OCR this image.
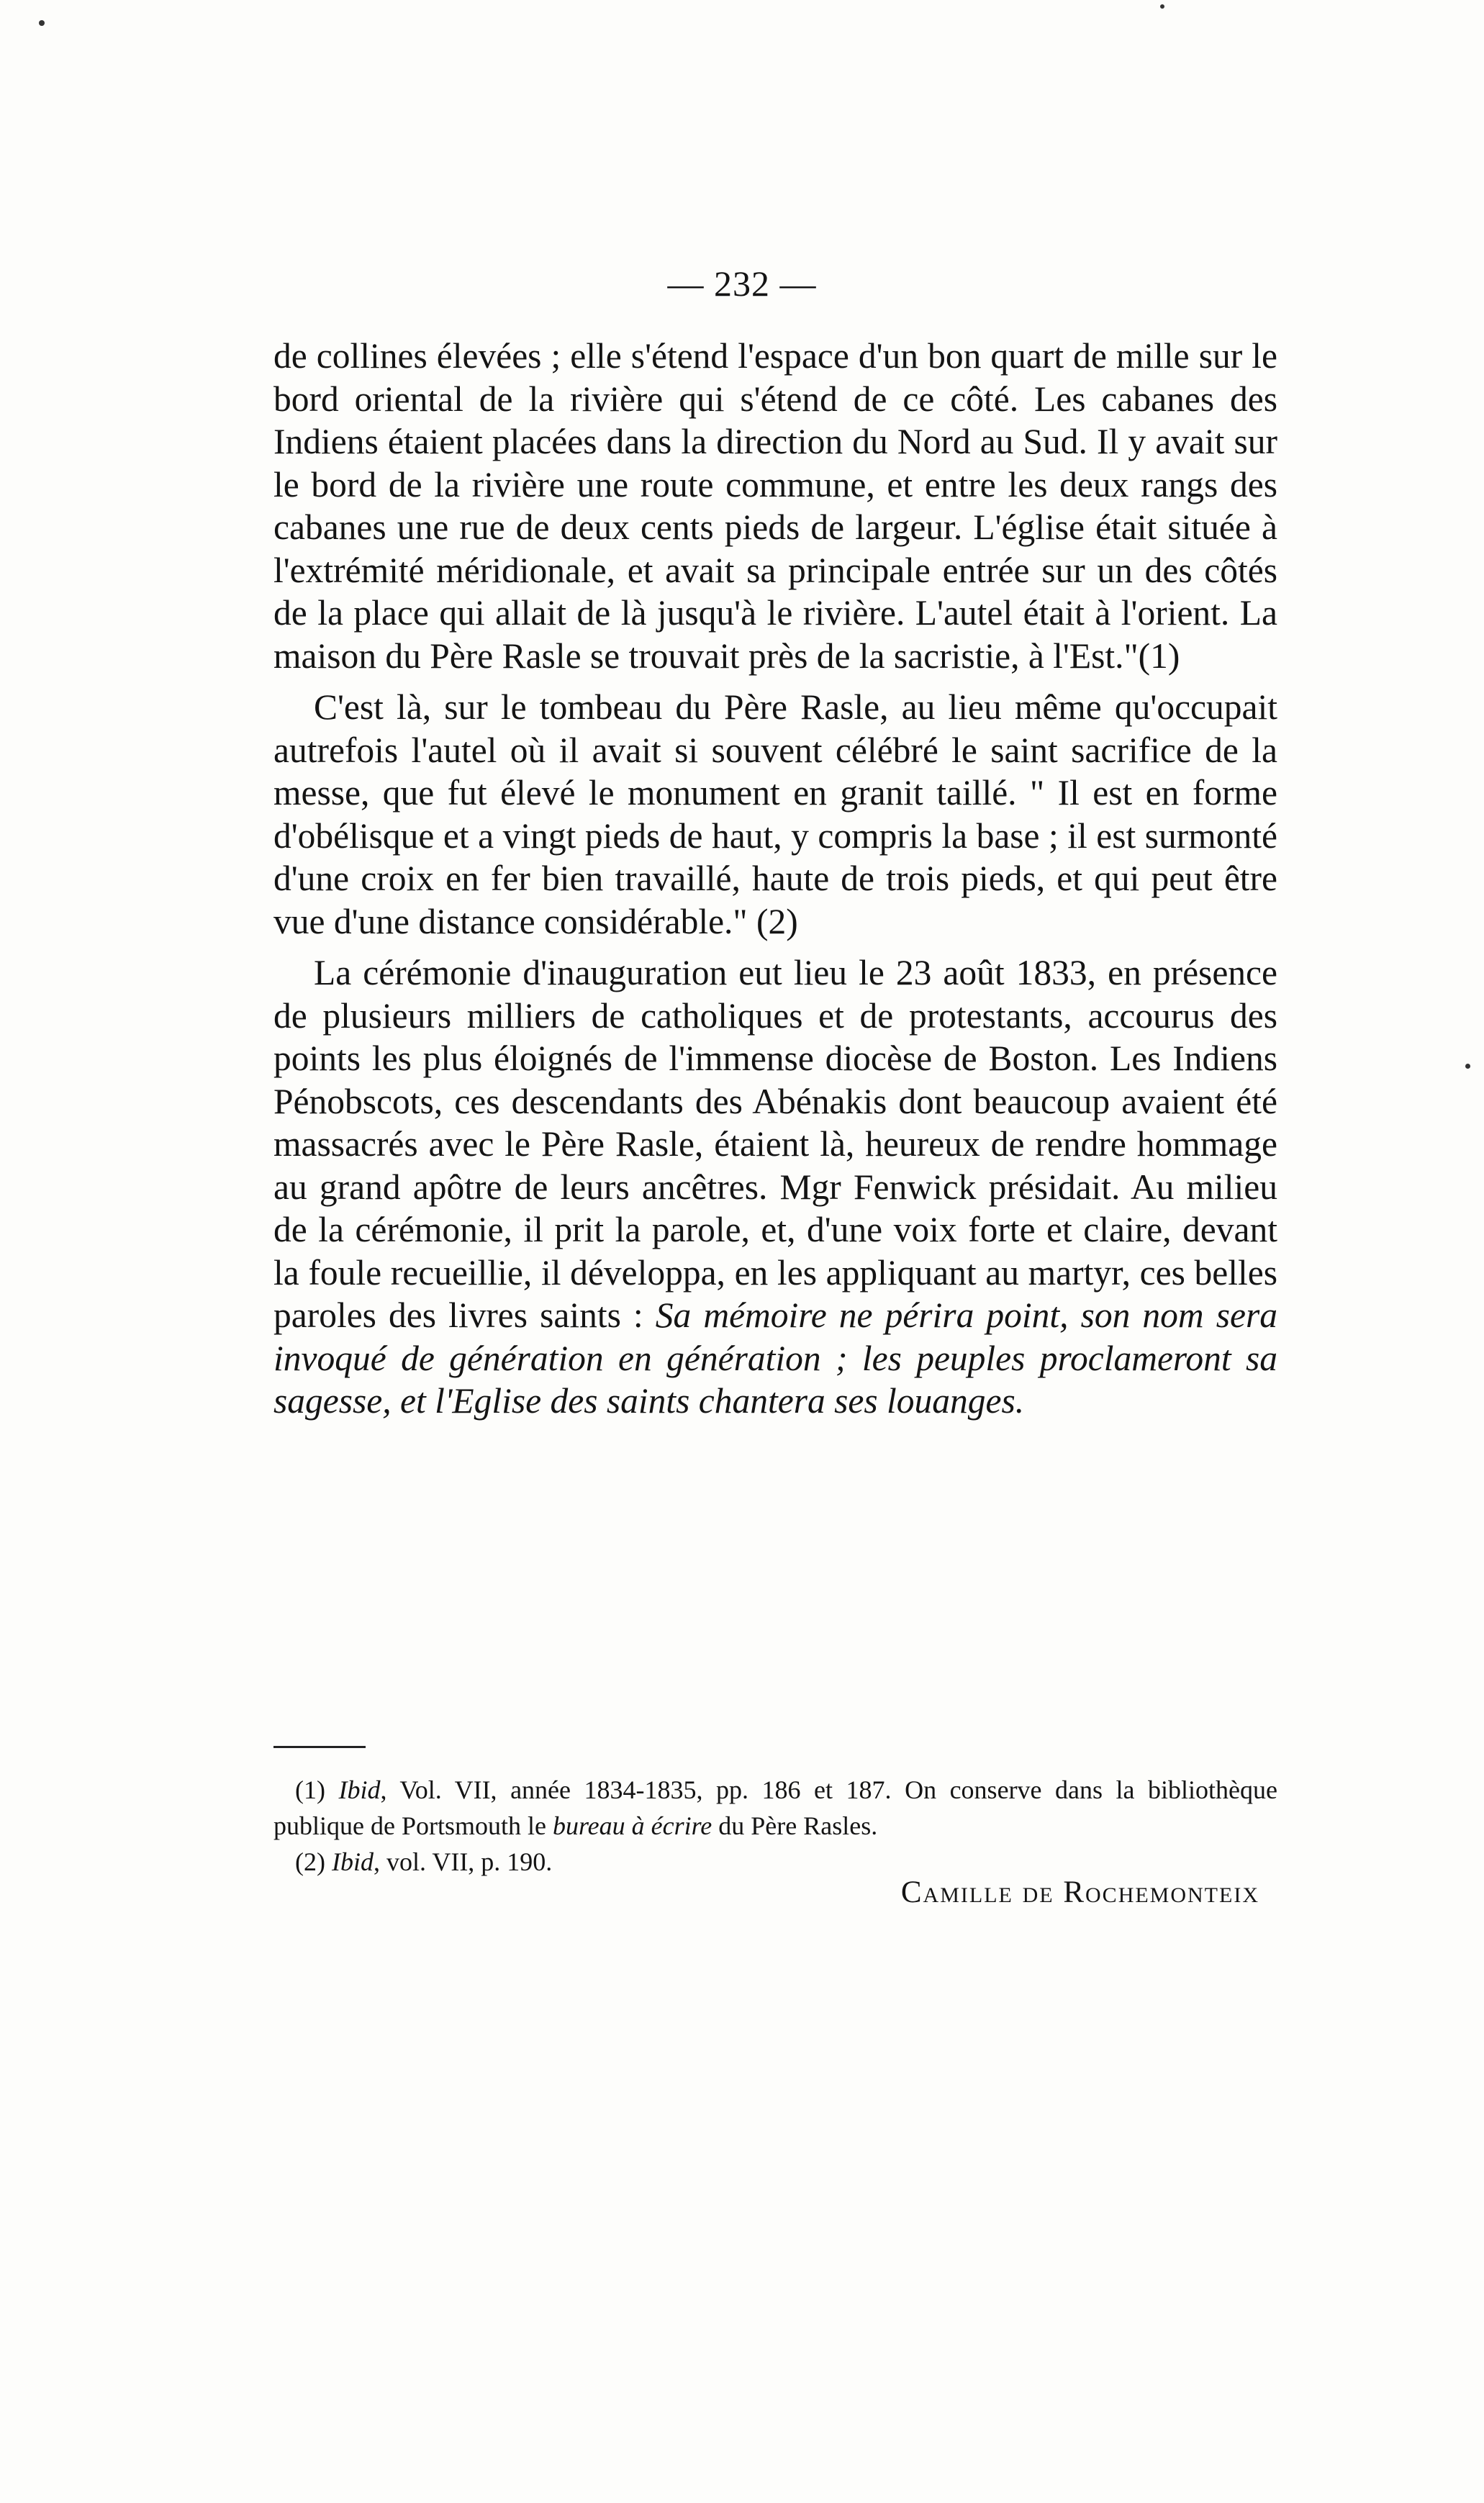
— 232 —

de collines élevées ; elle s'étend l'espace d'un bon quart de mille sur le bord oriental de la rivière qui s'étend de ce côté. Les cabanes des Indiens étaient placées dans la direction du Nord au Sud. Il y avait sur le bord de la rivière une route commune, et entre les deux rangs des cabanes une rue de deux cents pieds de largeur. L'église était située à l'extrémité méridionale, et avait sa principale entrée sur un des côtés de la place qui allait de là jusqu'à le rivière. L'autel était à l'orient. La maison du Père Rasle se trouvait près de la sacristie, à l'Est."(1)

C'est là, sur le tombeau du Père Rasle, au lieu même qu'occupait autrefois l'autel où il avait si souvent célébré le saint sacrifice de la messe, que fut élevé le monument en granit taillé. " Il est en forme d'obélisque et a vingt pieds de haut, y compris la base ; il est surmonté d'une croix en fer bien travaillé, haute de trois pieds, et qui peut être vue d'une distance considérable." (2)

La cérémonie d'inauguration eut lieu le 23 août 1833, en présence de plusieurs milliers de catholiques et de protestants, accourus des points les plus éloignés de l'immense diocèse de Boston. Les Indiens Pénobscots, ces descendants des Abénakis dont beaucoup avaient été massacrés avec le Père Rasle, étaient là, heureux de rendre hommage au grand apôtre de leurs ancêtres. Mgr Fenwick présidait. Au milieu de la cérémonie, il prit la parole, et, d'une voix forte et claire, devant la foule recueillie, il développa, en les appliquant au martyr, ces belles paroles des livres saints : Sa mémoire ne périra point, son nom sera invoqué de génération en génération ; les peuples proclameront sa sagesse, et l'Eglise des saints chantera ses louanges.

(1) Ibid, Vol. VII, année 1834-1835, pp. 186 et 187. On conserve dans la bibliothèque publique de Portsmouth le bureau à écrire du Père Rasles.

(2) Ibid, vol. VII, p. 190.

Camille de Rochemonteix
